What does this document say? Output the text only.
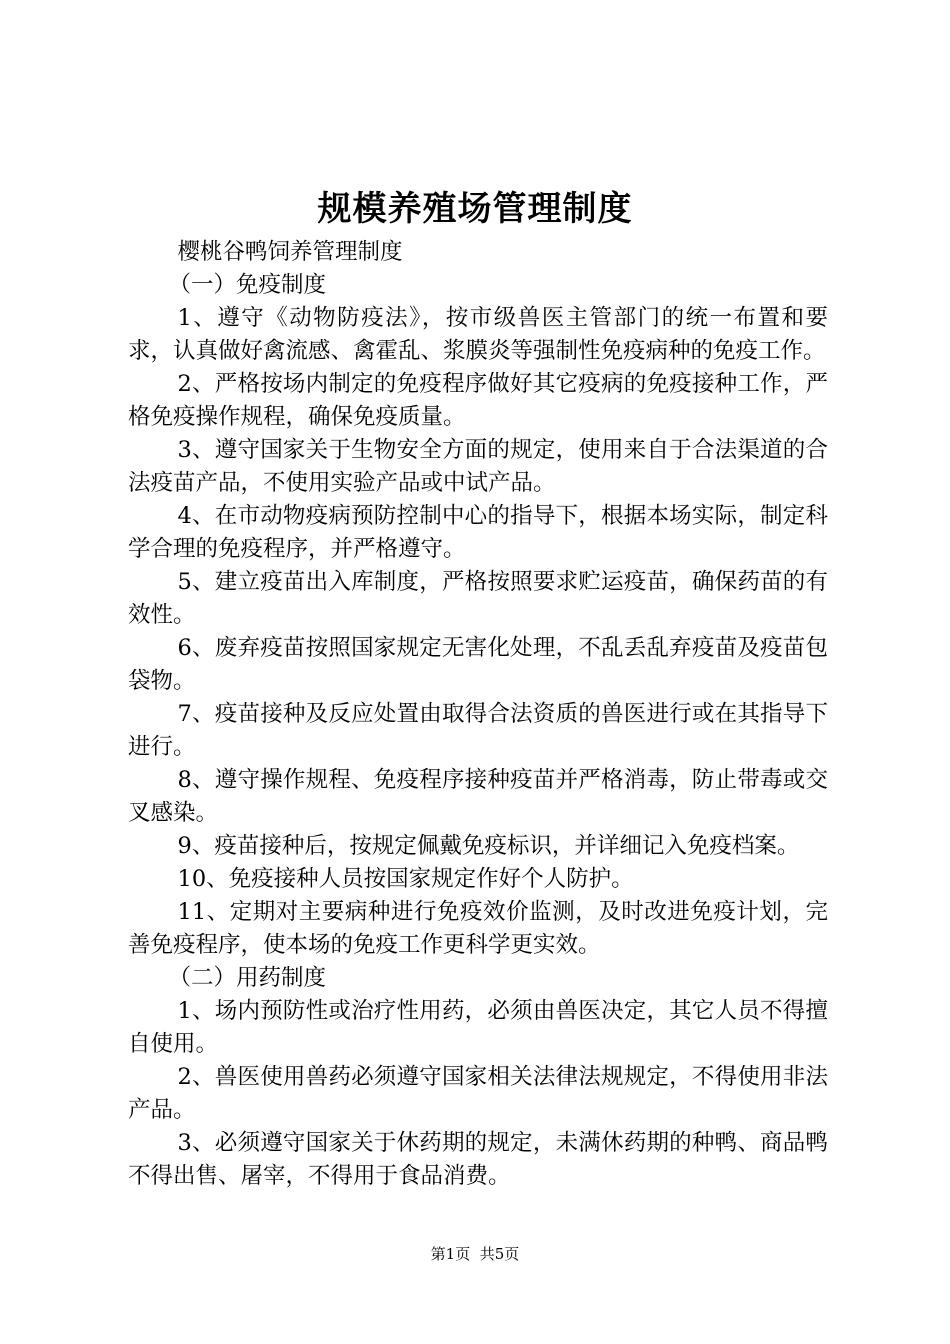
规模养殖场管理制度

樱桃谷鸭饲养管理制度

（一）免疫制度

1、遵守《动物防疫法》，按市级兽医主管部门的统一布置和要求，认真做好禽流感、禽霍乱、浆膜炎等强制性免疫病种的免疫工作。

2、严格按场内制定的免疫程序做好其它疫病的免疫接种工作，严格免疫操作规程，确保免疫质量。

3、遵守国家关于生物安全方面的规定，使用来自于合法渠道的合法疫苗产品，不使用实验产品或中试产品。

4、在市动物疫病预防控制中心的指导下，根据本场实际，制定科学合理的免疫程序，并严格遵守。

5、建立疫苗出入库制度，严格按照要求贮运疫苗，确保药苗的有效性。

6、废弃疫苗按照国家规定无害化处理，不乱丢乱弃疫苗及疫苗包袋物。

7、疫苗接种及反应处置由取得合法资质的兽医进行或在其指导下进行。

8、遵守操作规程、免疫程序接种疫苗并严格消毒，防止带毒或交叉感染。

9、疫苗接种后，按规定佩戴免疫标识，并详细记入免疫档案。

10、免疫接种人员按国家规定作好个人防护。

11、定期对主要病种进行免疫效价监测，及时改进免疫计划，完善免疫程序，使本场的免疫工作更科学更实效。

（二）用药制度

1、场内预防性或治疗性用药，必须由兽医决定，其它人员不得擅自使用。

2、兽医使用兽药必须遵守国家相关法律法规规定，不得使用非法产品。

3、必须遵守国家关于休药期的规定，未满休药期的种鸭、商品鸭不得出售、屠宰，不得用于食品消费。

第1页 共5页
